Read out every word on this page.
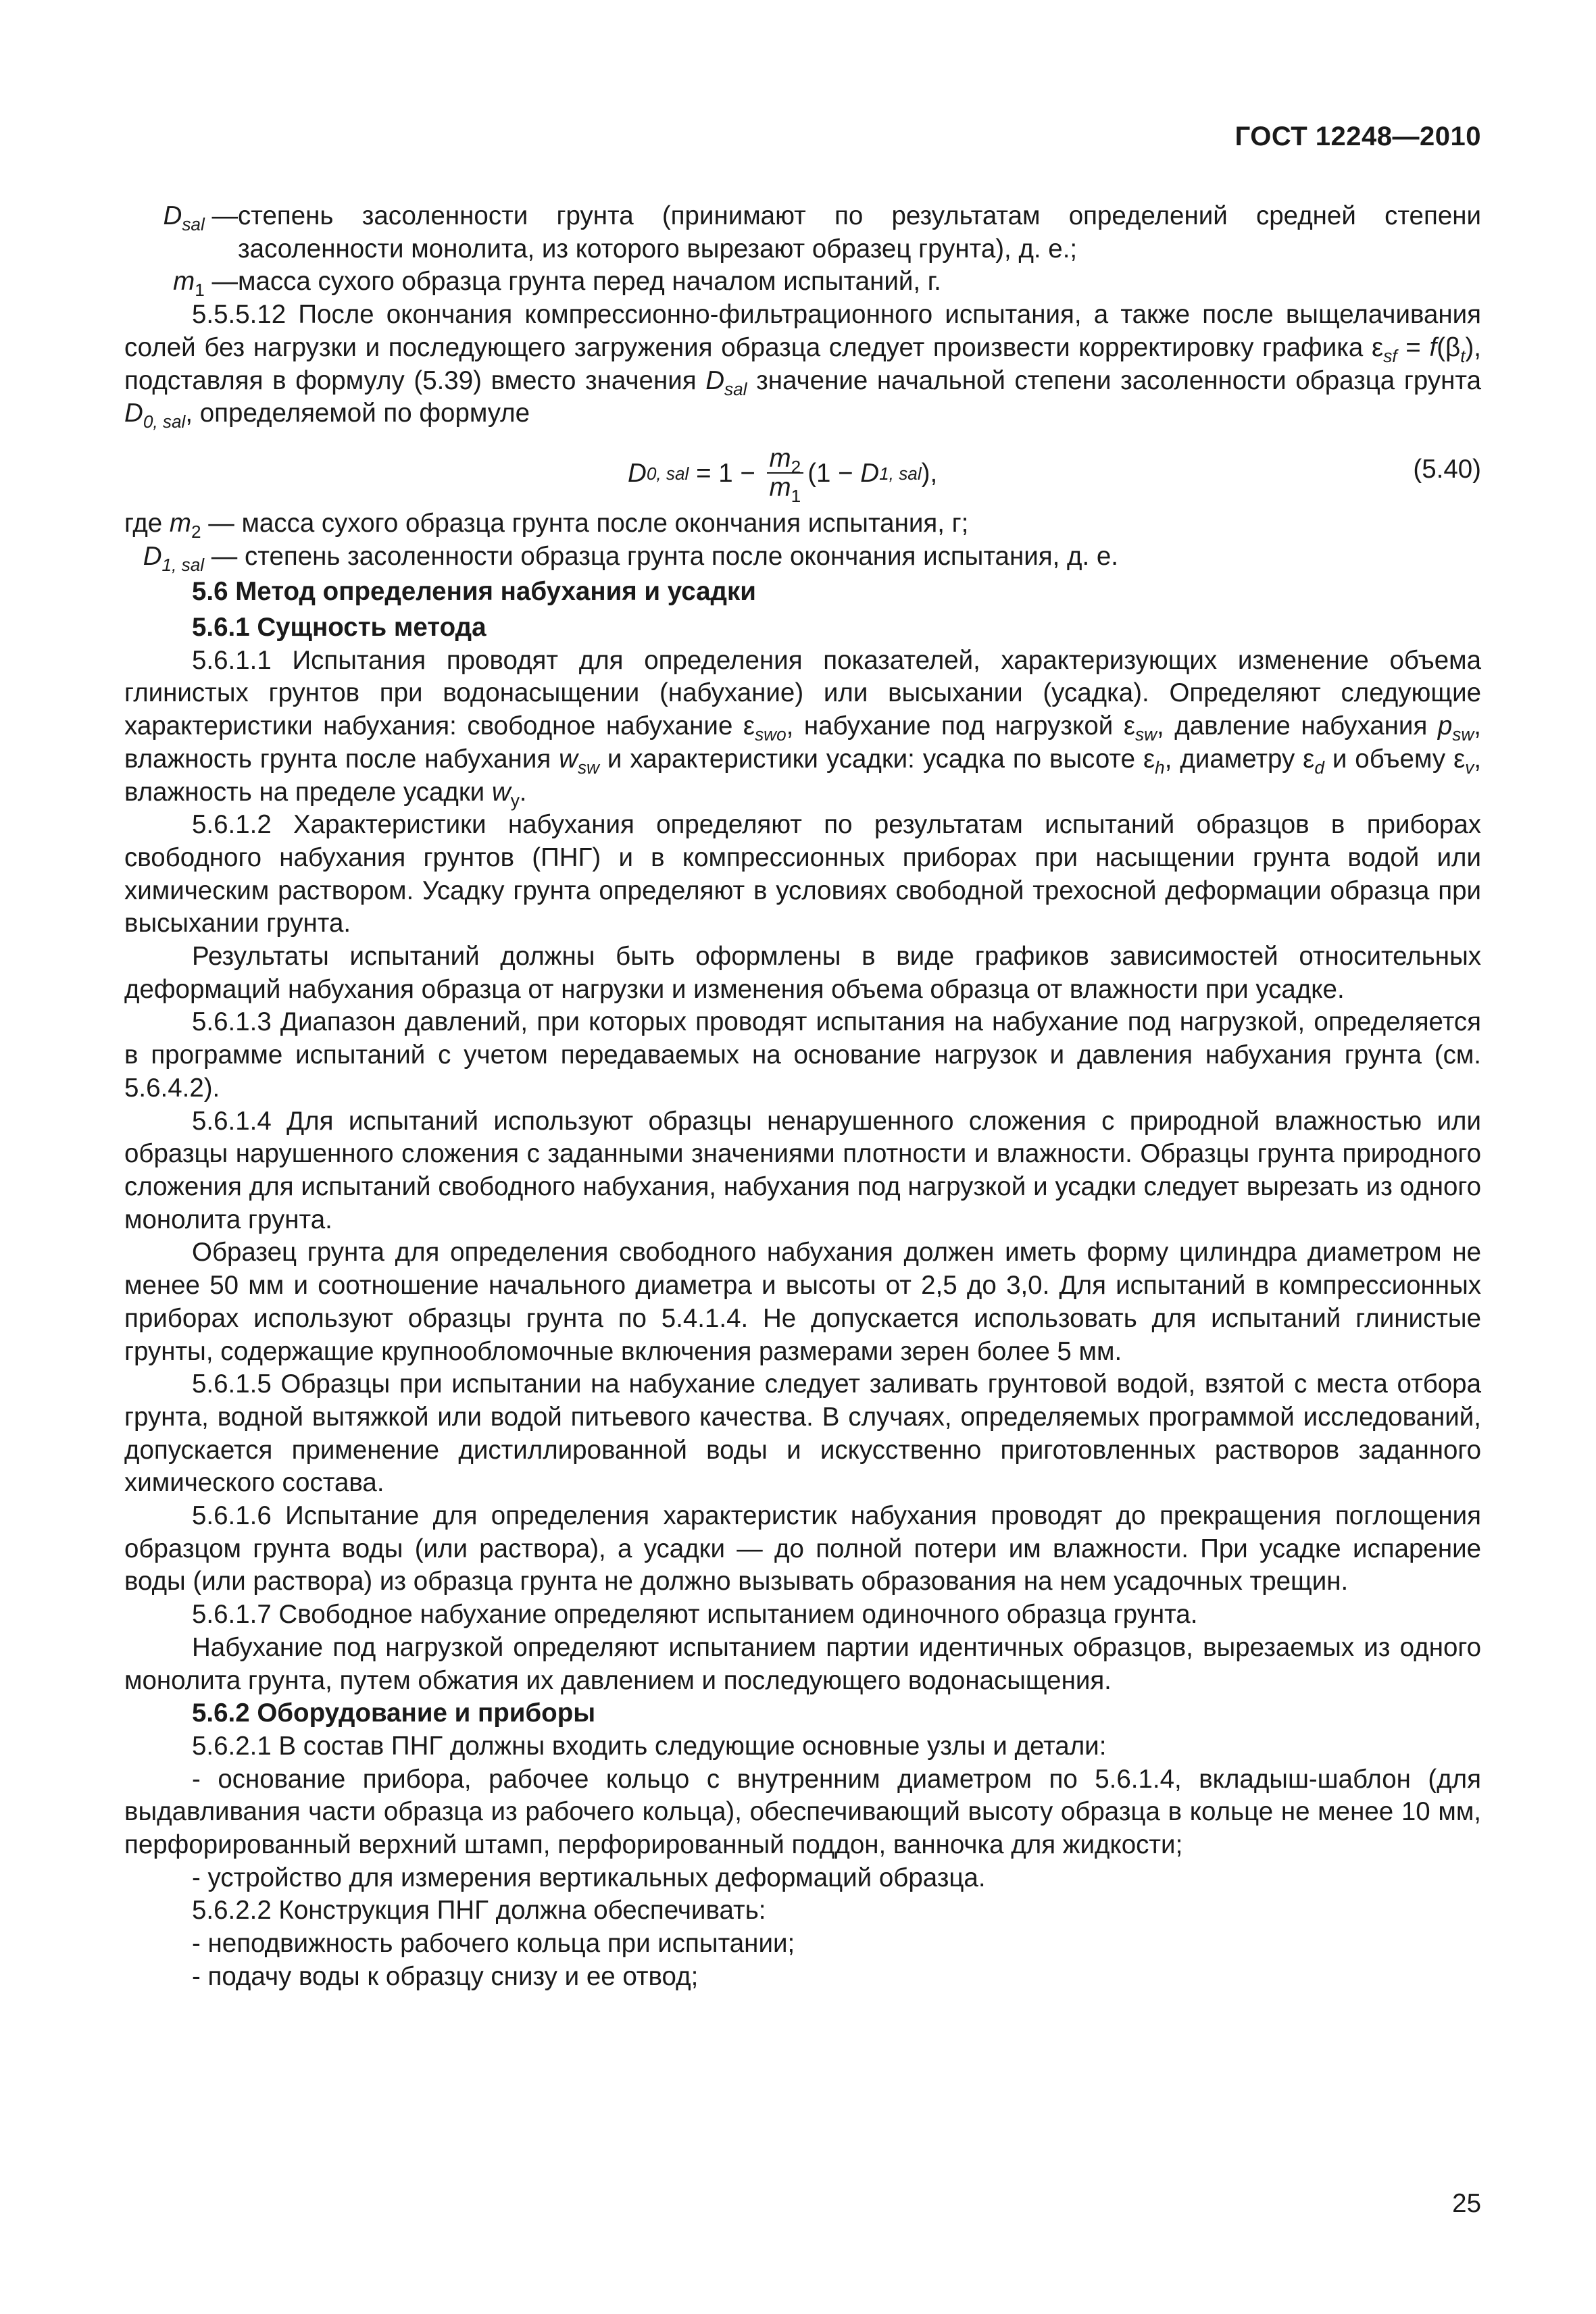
ГОСТ 12248—2010
$D_{sal}$ — степень засоленности грунта (принимают по результатам определений средней степени засоленности монолита, из которого вырезают образец грунта), д. е.;
$m_1$ — масса сухого образца грунта перед началом испытаний, г.

5.5.5.12 После окончания компрессионно-фильтрационного испытания, а также после выщелачивания солей без нагрузки и последующего загружения образца следует произвести корректировку графика $\varepsilon_{sf} = f(\beta_t)$, подставляя в формулу (5.39) вместо значения $D_{sal}$ значение начальной степени засоленности образца грунта $D_{0, sal}$, определяемой по формуле

D 0, sal = $1 - \frac{m_2}{m_1} (1 - D$ 1, sal ),	(5.40)
где $m_2$ — масса сухого образца грунта после окончания испытания, г;
$D_{1, sal}$ — степень засоленности образца грунта после окончания испытания, д. е.

5.6 Метод определения набухания и усадки

5.6.1 Сущность метода

5.6.1.1 Испытания проводят для определения показателей, характеризующих изменение объема глинистых грунтов при водонасыщении (набухание) или высыхании (усадка). Определяют следующие характеристики набухания: свободное набухание $\varepsilon_{swo}$, набухание под нагрузкой $\varepsilon_{sw}$, давление набухания $p_{sw}$, влажность грунта после набухания $w_{sw}$ и характеристики усадки: усадка по высоте $\varepsilon_h$, диаметру $\varepsilon_d$ и объему $\varepsilon_v$, влажность на пределе усадки $w_y$.

5.6.1.2 Характеристики набухания определяют по результатам испытаний образцов в приборах свободного набухания грунтов (ПНГ) и в компрессионных приборах при насыщении грунта водой или химическим раствором. Усадку грунта определяют в условиях свободной трехосной деформации образца при высыхании грунта.

Результаты испытаний должны быть оформлены в виде графиков зависимостей относительных деформаций набухания образца от нагрузки и изменения объема образца от влажности при усадке.

5.6.1.3 Диапазон давлений, при которых проводят испытания на набухание под нагрузкой, определяется в программе испытаний с учетом передаваемых на основание нагрузок и давления набухания грунта (см. 5.6.4.2).

5.6.1.4 Для испытаний используют образцы ненарушенного сложения с природной влажностью или образцы нарушенного сложения с заданными значениями плотности и влажности. Образцы грунта природного сложения для испытаний свободного набухания, набухания под нагрузкой и усадки следует вырезать из одного монолита грунта.

Образец грунта для определения свободного набухания должен иметь форму цилиндра диаметром не менее 50 мм и соотношение начального диаметра и высоты от 2,5 до 3,0. Для испытаний в компрессионных приборах используют образцы грунта по 5.4.1.4. Не допускается использовать для испытаний глинистые грунты, содержащие крупнообломочные включения размерами зерен более 5 мм.

5.6.1.5 Образцы при испытании на набухание следует заливать грунтовой водой, взятой с места отбора грунта, водной вытяжкой или водой питьевого качества. В случаях, определяемых программой исследований, допускается применение дистиллированной воды и искусственно приготовленных растворов заданного химического состава.

5.6.1.6 Испытание для определения характеристик набухания проводят до прекращения поглощения образцом грунта воды (или раствора), а усадки — до полной потери им влажности. При усадке испарение воды (или раствора) из образца грунта не должно вызывать образования на нем усадочных трещин.

5.6.1.7 Свободное набухание определяют испытанием одиночного образца грунта.

Набухание под нагрузкой определяют испытанием партии идентичных образцов, вырезаемых из одного монолита грунта, путем обжатия их давлением и последующего водонасыщения.

5.6.2 Оборудование и приборы

5.6.2.1 В состав ПНГ должны входить следующие основные узлы и детали:

- основание прибора, рабочее кольцо с внутренним диаметром по 5.6.1.4, вкладыш-шаблон (для выдавливания части образца из рабочего кольца), обеспечивающий высоту образца в кольце не менее 10 мм, перфорированный верхний штамп, перфорированный поддон, ванночка для жидкости;

- устройство для измерения вертикальных деформаций образца.

5.6.2.2 Конструкция ПНГ должна обеспечивать:

- неподвижность рабочего кольца при испытании;

- подачу воды к образцу снизу и ее отвод;

25
